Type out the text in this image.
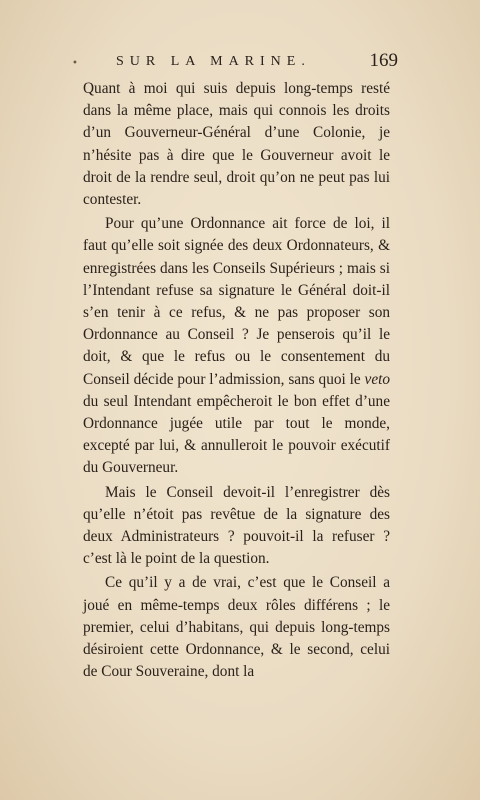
•	SUR LA MARINE.	169

Quant à moi qui suis depuis long-temps resté dans la même place, mais qui connois les droits d’un Gouverneur-Général d’une Colonie, je n’hésite pas à dire que le Gouverneur avoit le droit de la rendre seul, droit qu’on ne peut pas lui contester.

Pour qu’une Ordonnance ait force de loi, il faut qu’elle soit signée des deux Ordonnateurs, & enregistrées dans les Conseils Supérieurs ; mais si l’Intendant refuse sa signature le Général doit-il s’en tenir à ce refus, & ne pas proposer son Ordonnance au Conseil ? Je penserois qu’il le doit, & que le refus ou le consentement du Conseil décide pour l’admission, sans quoi le veto du seul Intendant empêcheroit le bon effet d’une Ordonnance jugée utile par tout le monde, excepté par lui, & annulleroit le pouvoir exécutif du Gouverneur.

Mais le Conseil devoit-il l’enregistrer dès qu’elle n’étoit pas revêtue de la signature des deux Administrateurs ? pouvoit-il la refuser ? c’est là le point de la question.

Ce qu’il y a de vrai, c’est que le Conseil a joué en même-temps deux rôles différens ; le premier, celui d’habitans, qui depuis long-temps désiroient cette Ordonnance, & le second, celui de Cour Souveraine, dont la
